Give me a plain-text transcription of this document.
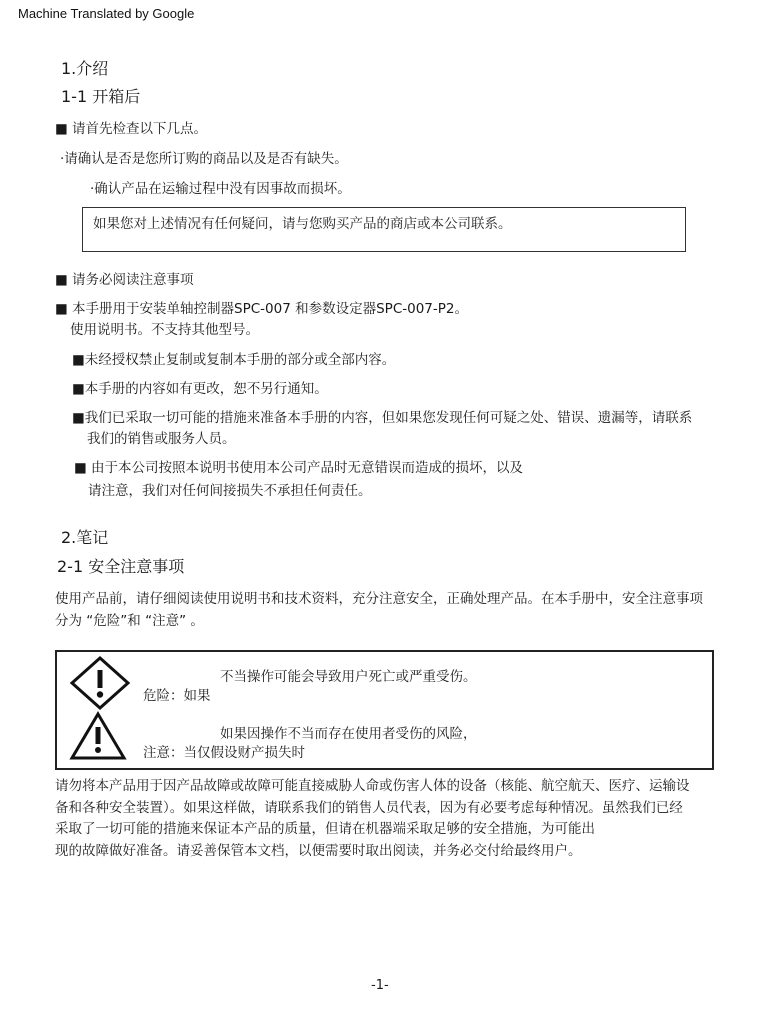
Machine Translated by Google
1.介绍
1-1 开箱后
■ 请首先检查以下几点。
·请确认是否是您所订购的商品以及是否有缺失。
·确认产品在运输过程中没有因事故而损坏。
如果您对上述情况有任何疑问，请与您购买产品的商店或本公司联系。
■ 请务必阅读注意事项
■ 本手册用于安装单轴控制器SPC-007 和参数设定器SPC-007-P2。
使用说明书。不支持其他型号。
■未经授权禁止复制或复制本手册的部分或全部内容。
■本手册的内容如有更改，恕不另行通知。
■我们已采取一切可能的措施来准备本手册的内容，但如果您发现任何可疑之处、错误、遗漏等，请联系
我们的销售或服务人员。
■ 由于本公司按照本说明书使用本公司产品时无意错误而造成的损坏，以及
请注意，我们对任何间接损失不承担任何责任。
2.笔记
2-1 安全注意事项
使用产品前，请仔细阅读使用说明书和技术资料，充分注意安全，正确处理产品。在本手册中，安全注意事项
分为 “危险”和 “注意” 。
不当操作可能会导致用户死亡或严重受伤。
危险：如果
如果因操作不当而存在使用者受伤的风险，
注意：当仅假设财产损失时
请勿将本产品用于因产品故障或故障可能直接威胁人命或伤害人体的设备（核能、航空航天、医疗、运输设
备和各种安全装置）。如果这样做，请联系我们的销售人员代表，因为有必要考虑每种情况。虽然我们已经
采取了一切可能的措施来保证本产品的质量，但请在机器端采取足够的安全措施，为可能出
现的故障做好准备。请妥善保管本文档，以便需要时取出阅读，并务必交付给最终用户。
-1-
